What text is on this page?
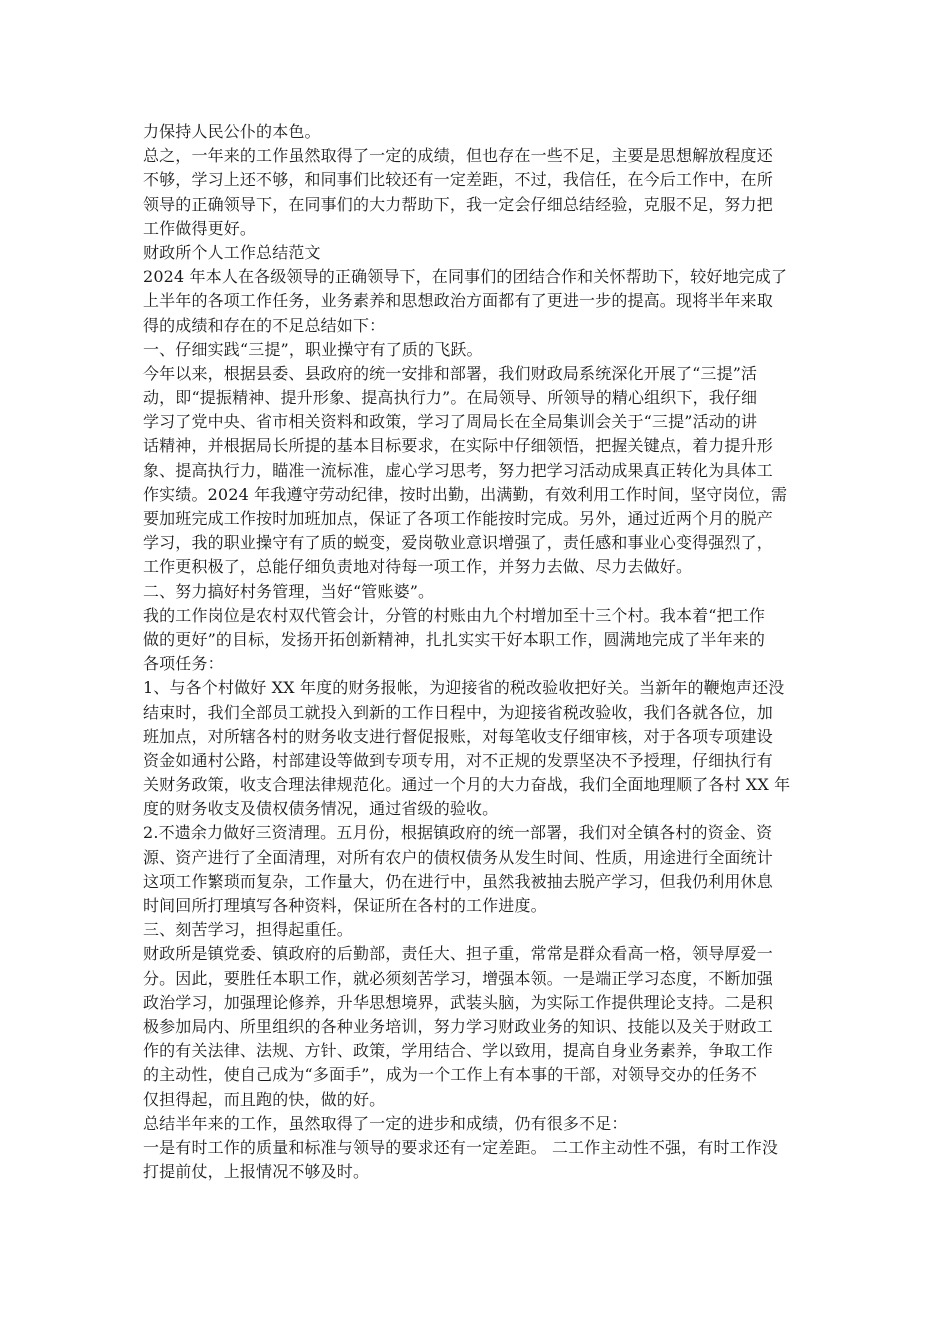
力保持人民公仆的本色。

总之，一年来的工作虽然取得了一定的成绩，但也存在一些不足，主要是思想解放程度还

不够，学习上还不够，和同事们比较还有一定差距，不过，我信任，在今后工作中，在所

领导的正确领导下，在同事们的大力帮助下，我一定会仔细总结经验，克服不足，努力把

工作做得更好。

财政所个人工作总结范文

2024 年本人在各级领导的正确领导下，在同事们的团结合作和关怀帮助下，较好地完成了

上半年的各项工作任务，业务素养和思想政治方面都有了更进一步的提高。现将半年来取

得的成绩和存在的不足总结如下：

一、仔细实践“三提”，职业操守有了质的飞跃。

今年以来，根据县委、县政府的统一安排和部署，我们财政局系统深化开展了“三提”活

动，即“提振精神、提升形象、提高执行力”。在局领导、所领导的精心组织下，我仔细

学习了党中央、省市相关资料和政策，学习了周局长在全局集训会关于“三提”活动的讲

话精神，并根据局长所提的基本目标要求，在实际中仔细领悟，把握关键点，着力提升形

象、提高执行力，瞄准一流标准，虚心学习思考，努力把学习活动成果真正转化为具体工

作实绩。2024 年我遵守劳动纪律，按时出勤，出满勤，有效利用工作时间，坚守岗位，需

要加班完成工作按时加班加点，保证了各项工作能按时完成。另外，通过近两个月的脱产

学习，我的职业操守有了质的蜕变，爱岗敬业意识增强了，责任感和事业心变得强烈了，

工作更积极了，总能仔细负责地对待每一项工作，并努力去做、尽力去做好。

二、努力搞好村务管理，当好“管账婆”。

我的工作岗位是农村双代管会计，分管的村账由九个村增加至十三个村。我本着“把工作

做的更好”的目标，发扬开拓创新精神，扎扎实实干好本职工作，圆满地完成了半年来的

各项任务：

1、与各个村做好 XX 年度的财务报帐，为迎接省的税改验收把好关。当新年的鞭炮声还没

结束时，我们全部员工就投入到新的工作日程中，为迎接省税改验收，我们各就各位，加

班加点，对所辖各村的财务收支进行督促报账，对每笔收支仔细审核，对于各项专项建设

资金如通村公路，村部建设等做到专项专用，对不正规的发票坚决不予授理，仔细执行有

关财务政策，收支合理法律规范化。通过一个月的大力奋战，我们全面地理顺了各村 XX 年

度的财务收支及债权债务情况，通过省级的验收。

2.不遗余力做好三资清理。五月份，根据镇政府的统一部署，我们对全镇各村的资金、资

源、资产进行了全面清理，对所有农户的债权债务从发生时间、性质，用途进行全面统计

这项工作繁琐而复杂，工作量大，仍在进行中，虽然我被抽去脱产学习，但我仍利用休息

时间回所打理填写各种资料，保证所在各村的工作进度。

三、刻苦学习，担得起重任。

财政所是镇党委、镇政府的后勤部，责任大、担子重，常常是群众看高一格，领导厚爱一

分。因此，要胜任本职工作，就必须刻苦学习，增强本领。一是端正学习态度，不断加强

政治学习，加强理论修养，升华思想境界，武装头脑，为实际工作提供理论支持。二是积

极参加局内、所里组织的各种业务培训，努力学习财政业务的知识、技能以及关于财政工

作的有关法律、法规、方针、政策，学用结合、学以致用，提高自身业务素养，争取工作

的主动性，使自己成为“多面手”，成为一个工作上有本事的干部，对领导交办的任务不

仅担得起，而且跑的快，做的好。

总结半年来的工作，虽然取得了一定的进步和成绩，仍有很多不足：

一是有时工作的质量和标准与领导的要求还有一定差距。 二工作主动性不强，有时工作没

打提前仗，上报情况不够及时。
